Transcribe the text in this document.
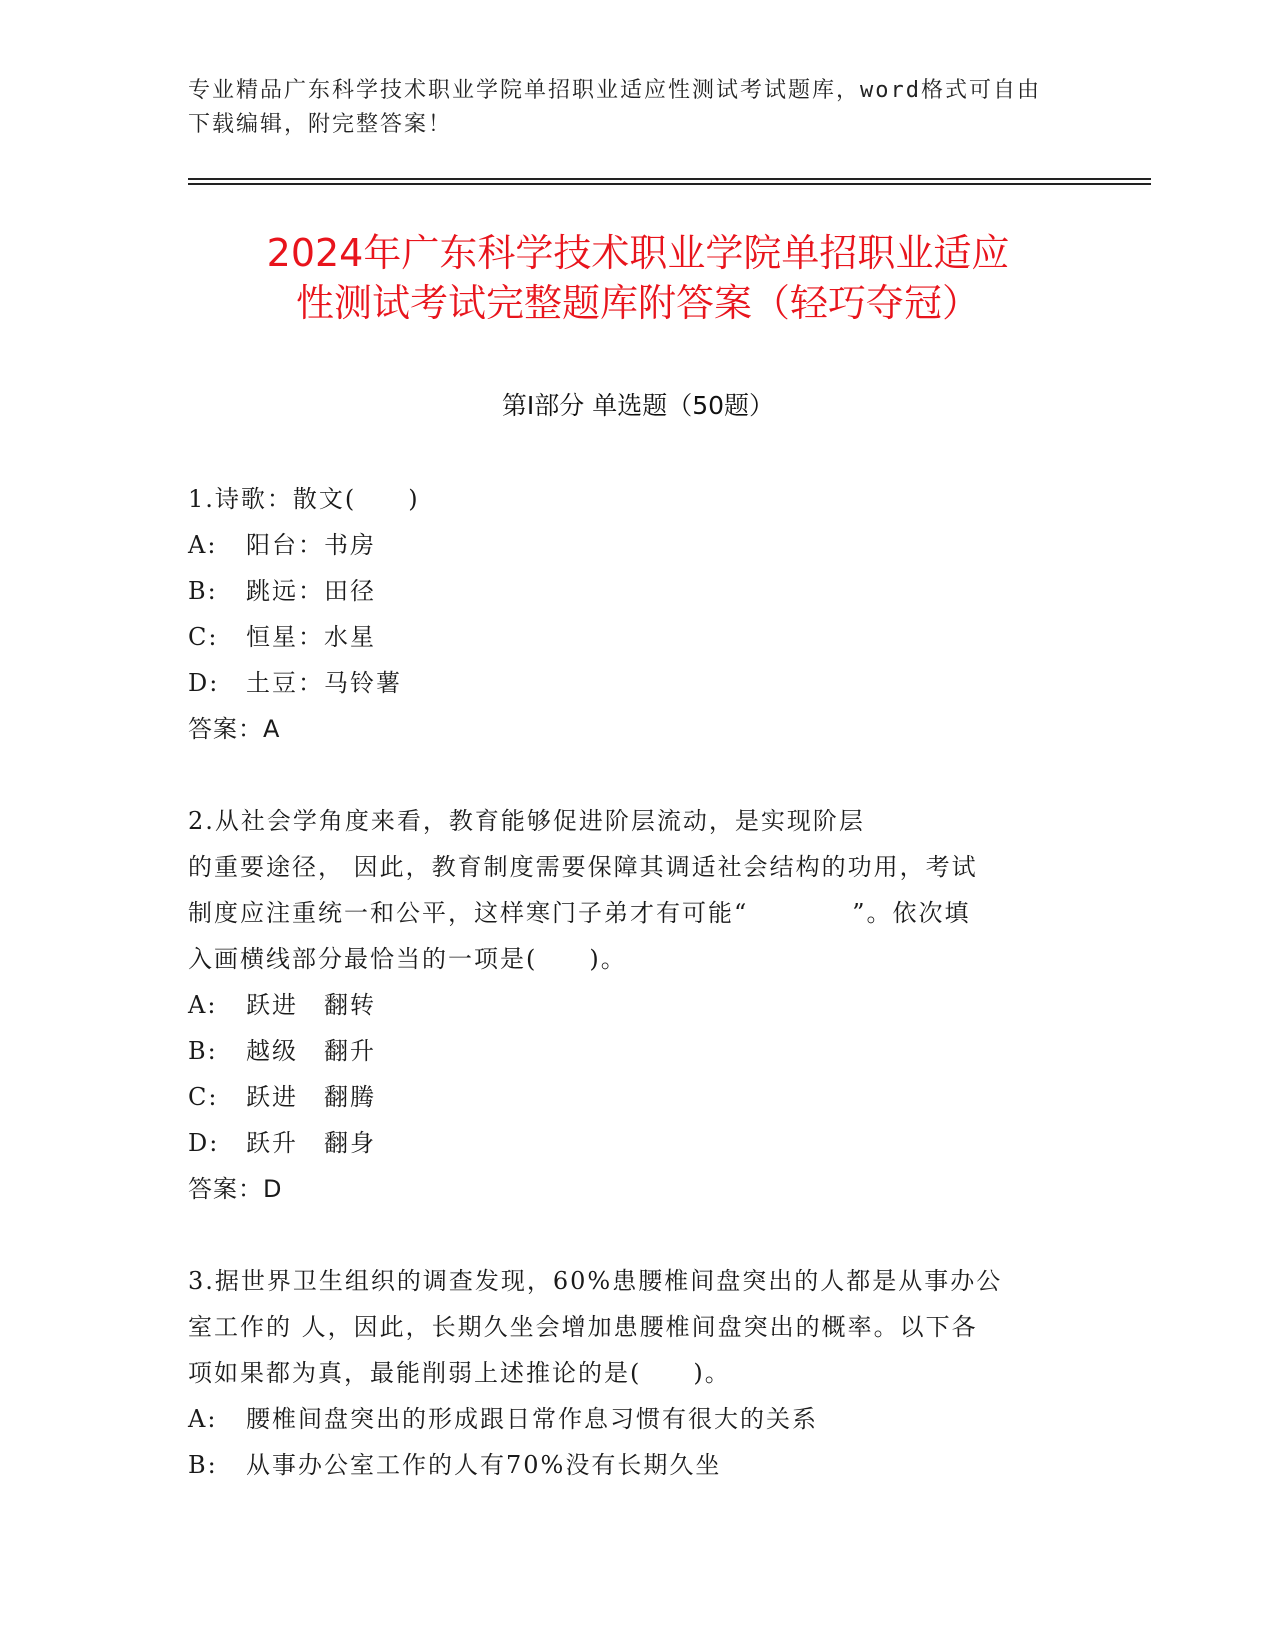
专业精品广东科学技术职业学院单招职业适应性测试考试题库，word格式可自由
下载编辑，附完整答案！
2024年广东科学技术职业学院单招职业适应
性测试考试完整题库附答案（轻巧夺冠）
第Ⅰ部分 单选题（50题）
1.诗歌：散文(　　)
A:	阳台：书房
B:	跳远：田径
C:	恒星：水星
D:	土豆：马铃薯
答案：A
2.从社会学角度来看，教育能够促进阶层流动，是实现阶层
的重要途径， 因此，教育制度需要保障其调适社会结构的功用，考试
制度应注重统一和公平，这样寒门子弟才有可能“　　　　”。依次填
入画横线部分最恰当的一项是(　　)。
A:	跃进　翻转
B:	越级　翻升
C:	跃进　翻腾
D:	跃升　翻身
答案：D
3.据世界卫生组织的调查发现，60%患腰椎间盘突出的人都是从事办公
室工作的 人，因此，长期久坐会增加患腰椎间盘突出的概率。以下各
项如果都为真，最能削弱上述推论的是(　　)。
A:	腰椎间盘突出的形成跟日常作息习惯有很大的关系
B:	从事办公室工作的人有70%没有长期久坐
